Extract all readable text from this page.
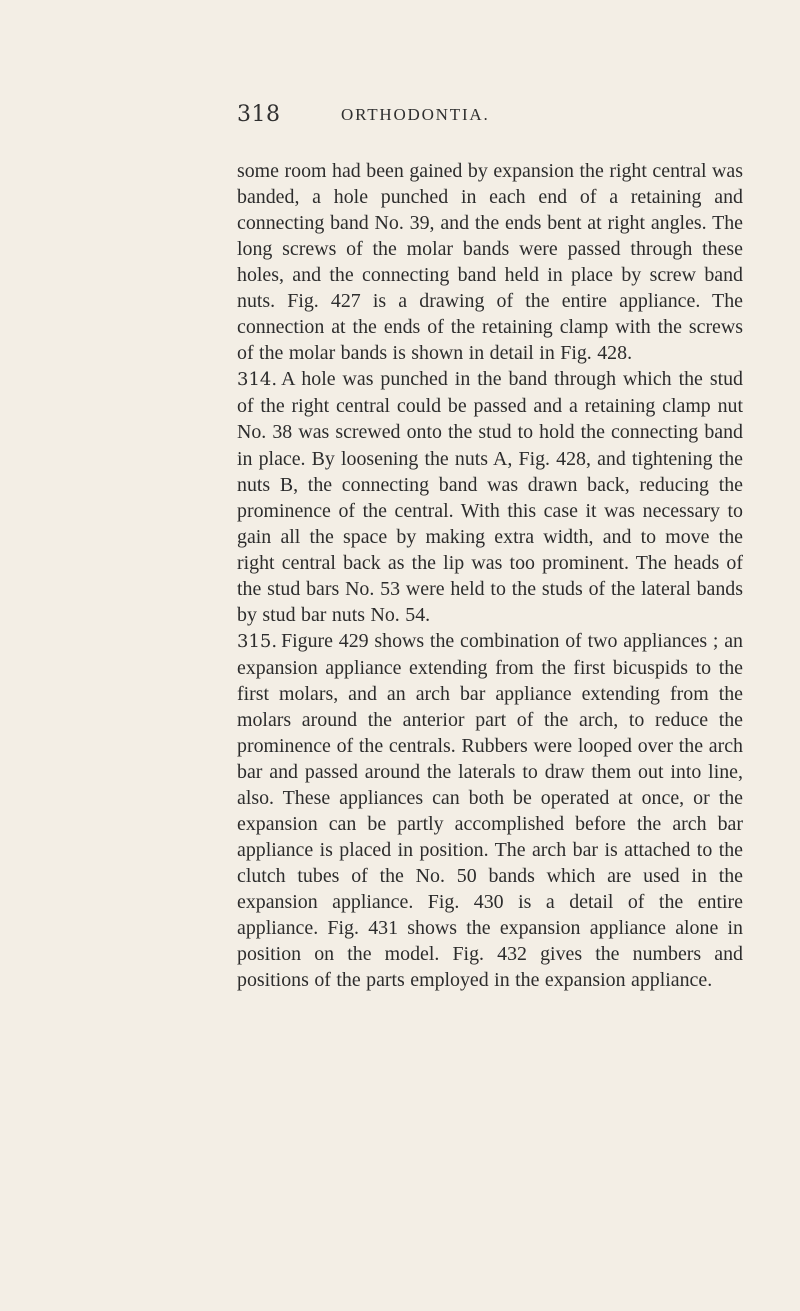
318	ORTHODONTIA.

some room had been gained by expansion the right central was banded, a hole punched in each end of a retaining and connecting band No. 39, and the ends bent at right angles. The long screws of the molar bands were passed through these holes, and the connecting band held in place by screw band nuts. Fig. 427 is a drawing of the entire appliance. The connection at the ends of the retaining clamp with the screws of the molar bands is shown in detail in Fig. 428.

314. A hole was punched in the band through which the stud of the right central could be passed and a retaining clamp nut No. 38 was screwed onto the stud to hold the connecting band in place. By loosening the nuts A, Fig. 428, and tightening the nuts B, the connecting band was drawn back, reducing the prominence of the central. With this case it was necessary to gain all the space by making extra width, and to move the right central back as the lip was too prominent. The heads of the stud bars No. 53 were held to the studs of the lateral bands by stud bar nuts No. 54.

315. Figure 429 shows the combination of two appliances ; an expansion appliance extending from the first bicuspids to the first molars, and an arch bar appliance extending from the molars around the anterior part of the arch, to reduce the prominence of the centrals. Rubbers were looped over the arch bar and passed around the laterals to draw them out into line, also. These appliances can both be operated at once, or the expansion can be partly accomplished before the arch bar appliance is placed in position. The arch bar is attached to the clutch tubes of the No. 50 bands which are used in the expansion appliance. Fig. 430 is a detail of the entire appliance. Fig. 431 shows the expansion appliance alone in position on the model. Fig. 432 gives the numbers and positions of the parts employed in the expansion appliance.
